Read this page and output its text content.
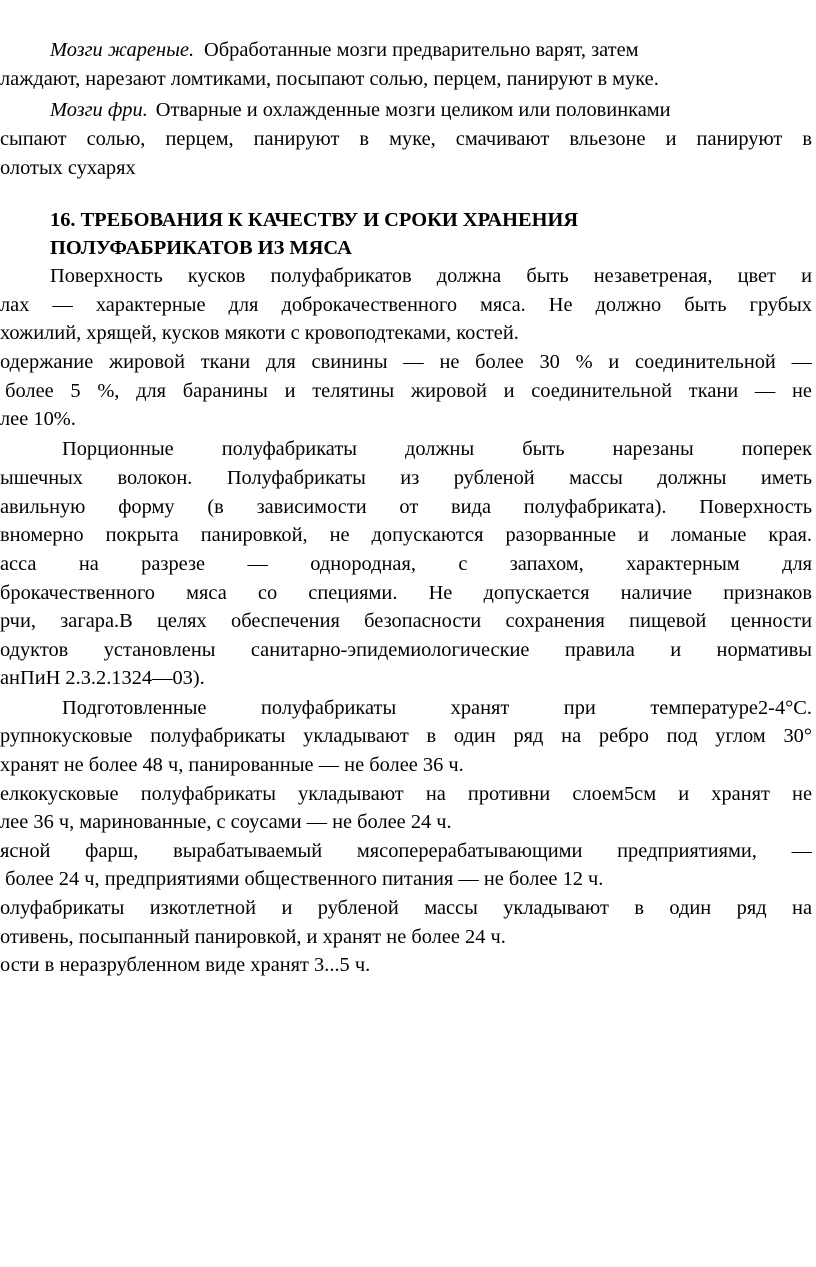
Мозги жареные. Обработанные мозги предварительно варят, затем
лаждают, нарезают ломтиками, посыпают солью, перцем, панируют в муке.
Мозги фри. Отварные и охлажденные мозги целиком или половинками
сыпают солью, перцем, панируют в муке, смачивают вльезоне и панируют в
олотых сухарях
16. ТРЕБОВАНИЯ К КАЧЕСТВУ И СРОКИ ХРАНЕНИЯ
ПОЛУФАБРИКАТОВ ИЗ МЯСА
Поверхность кусков полуфабрикатов должна быть незаветреная, цвет и
лах — характерные для доброкачественного мяса. Не должно быть грубых
хожилий, хрящей, кусков мякоти с кровоподтеками, костей.
одержание жировой ткани для свинины — не более 30 % и соединительной —
более 5 %, для баранины и телятины жировой и соединительной ткани — не
лее 10%.
Порционные полуфабрикаты должны быть нарезаны поперек
ышечных волокон. Полуфабрикаты из рубленой массы должны иметь
авильную форму (в зависимости от вида полуфабриката). Поверхность
вномерно покрыта панировкой, не допускаются разорванные и ломаные края.
асса на разрезе — однородная, с запахом, характерным для
брокачественного мяса со специями. Не допускается наличие признаков
рчи, загара.В целях обеспечения безопасности сохранения пищевой ценности
одуктов установлены санитарно-эпидемиологические правила и нормативы
анПиН 2.3.2.1324—03).
Подготовленные полуфабрикаты хранят при температуре2-4°С.
рупнокусковые полуфабрикаты укладывают в один ряд на ребро под углом 30°
хранят не более 48 ч, панированные — не более 36 ч.
елкокусковые полуфабрикаты укладывают на противни слоем5см и хранят не
лее 36 ч, маринованные, с соусами — не более 24 ч.
ясной фарш, вырабатываемый мясоперерабатывающими предприятиями, —
более 24 ч, предприятиями общественного питания — не более 12 ч.
олуфабрикаты изкотлетной и рубленой массы укладывают в один ряд на
отивень, посыпанный панировкой, и хранят не более 24 ч.
ости в неразрубленном виде хранят 3...5 ч.
